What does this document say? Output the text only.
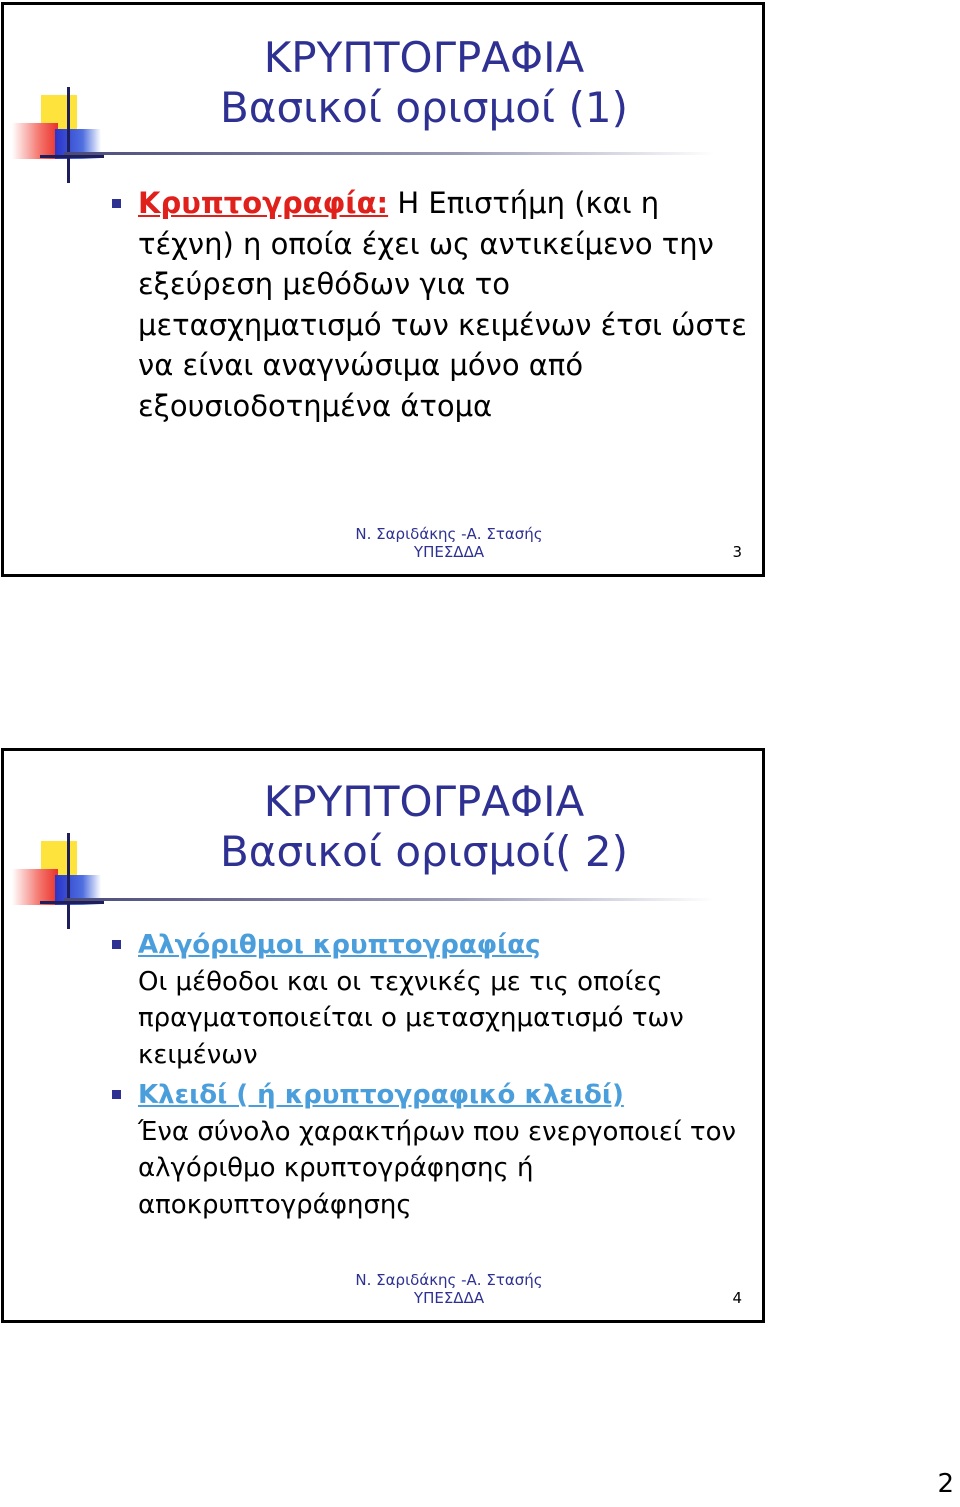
ΚΡΥΠΤΟΓΡΑΦΙΑ
Βασικοί ορισμοί (1)
Κρυπτογραφία: Η Επιστήμη (και η τέχνη) η οποία έχει ως αντικείμενο την εξεύρεση μεθόδων για το μετασχηματισμό των κειμένων έτσι ώστε να είναι αναγνώσιμα μόνο από εξουσιοδοτημένα άτομα
Ν. Σαριδάκης -Α. Στασής
ΥΠΕΣΔΔΑ	3
ΚΡΥΠΤΟΓΡΑΦΙΑ
Βασικοί ορισμοί( 2)
Αλγόριθμοι κρυπτογραφίας
Οι μέθοδοι και οι τεχνικές με τις οποίες πραγματοποιείται ο μετασχηματισμό των κειμένων
Κλειδί ( ή κρυπτογραφικό κλειδί)
Ένα σύνολο χαρακτήρων που ενεργοποιεί τον αλγόριθμο κρυπτογράφησης ή αποκρυπτογράφησης
Ν. Σαριδάκης -Α. Στασής
ΥΠΕΣΔΔΑ	4
2
